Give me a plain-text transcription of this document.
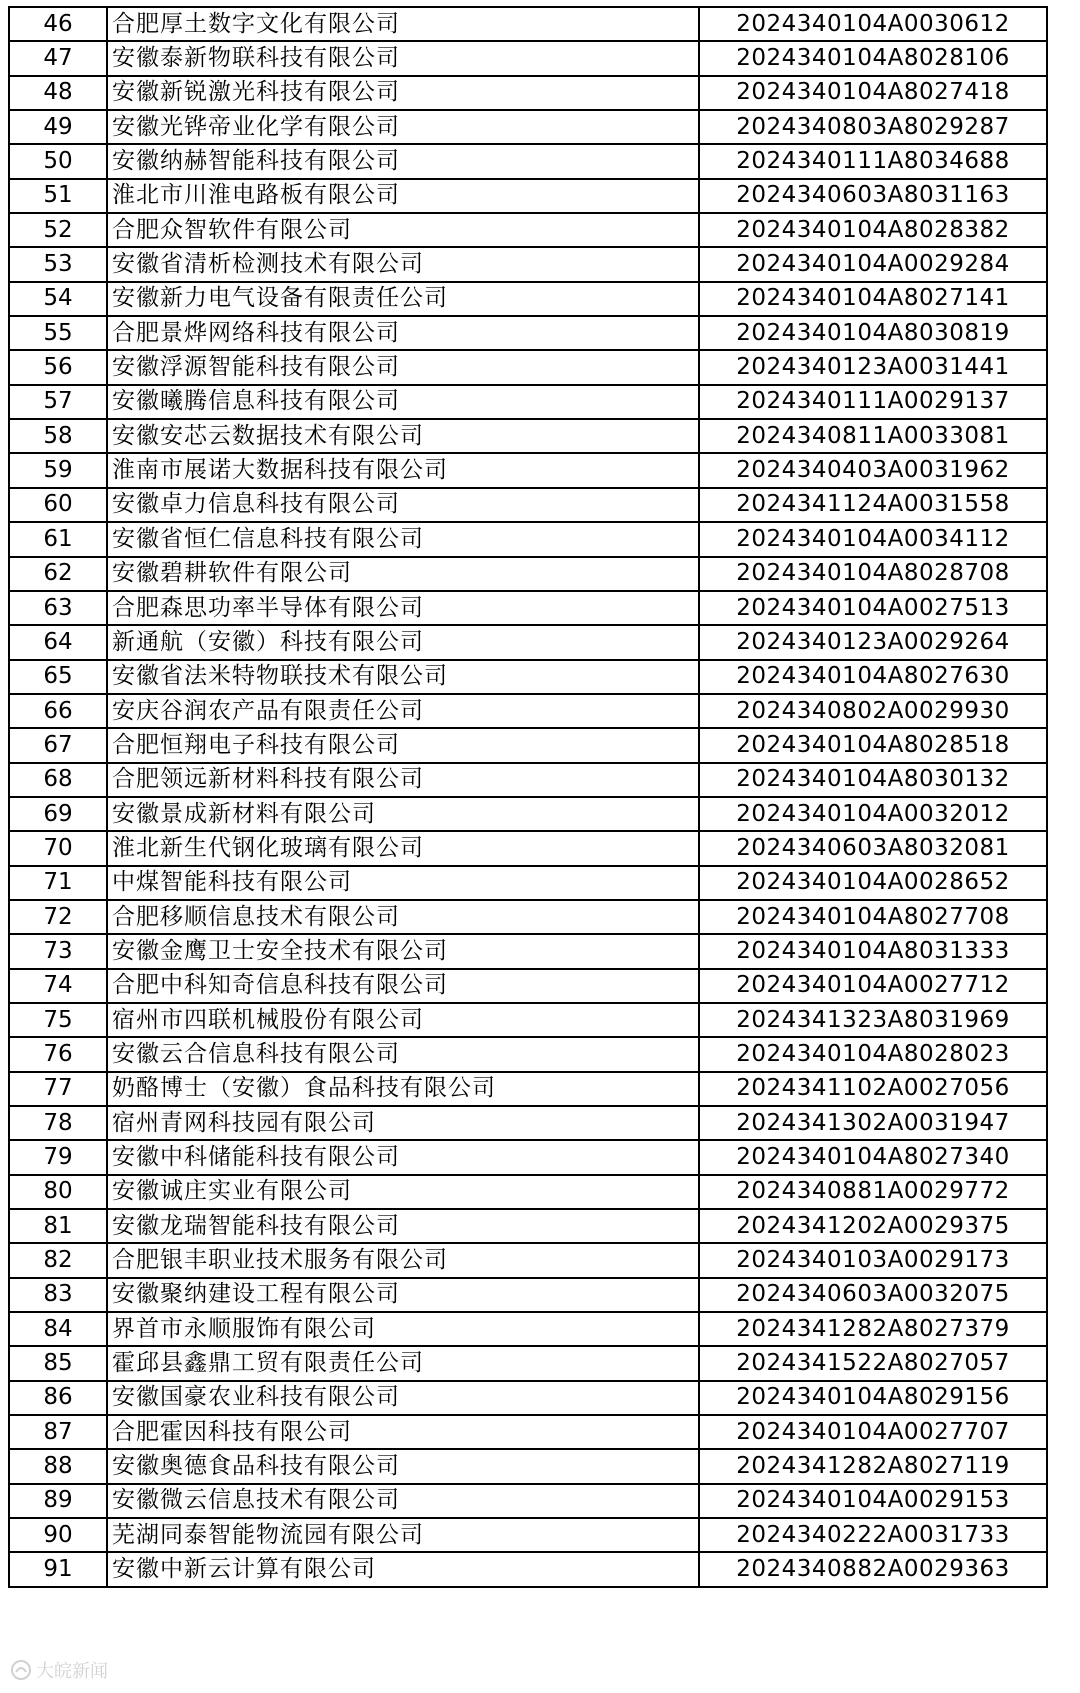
46	合肥厚土数字文化有限公司	2024340104A0030612
47	安徽泰新物联科技有限公司	2024340104A8028106
48	安徽新锐激光科技有限公司	2024340104A8027418
49	安徽光铧帝业化学有限公司	2024340803A8029287
50	安徽纳赫智能科技有限公司	2024340111A8034688
51	淮北市川淮电路板有限公司	2024340603A8031163
52	合肥众智软件有限公司	2024340104A8028382
53	安徽省清析检测技术有限公司	2024340104A0029284
54	安徽新力电气设备有限责任公司	2024340104A8027141
55	合肥景烨网络科技有限公司	2024340104A8030819
56	安徽浮源智能科技有限公司	2024340123A0031441
57	安徽曦腾信息科技有限公司	2024340111A0029137
58	安徽安芯云数据技术有限公司	2024340811A0033081
59	淮南市展诺大数据科技有限公司	2024340403A0031962
60	安徽卓力信息科技有限公司	2024341124A0031558
61	安徽省恒仁信息科技有限公司	2024340104A0034112
62	安徽碧耕软件有限公司	2024340104A8028708
63	合肥森思功率半导体有限公司	2024340104A0027513
64	新通航（安徽）科技有限公司	2024340123A0029264
65	安徽省法米特物联技术有限公司	2024340104A8027630
66	安庆谷润农产品有限责任公司	2024340802A0029930
67	合肥恒翔电子科技有限公司	2024340104A8028518
68	合肥领远新材料科技有限公司	2024340104A8030132
69	安徽景成新材料有限公司	2024340104A0032012
70	淮北新生代钢化玻璃有限公司	2024340603A8032081
71	中煤智能科技有限公司	2024340104A0028652
72	合肥移顺信息技术有限公司	2024340104A8027708
73	安徽金鹰卫士安全技术有限公司	2024340104A8031333
74	合肥中科知奇信息科技有限公司	2024340104A0027712
75	宿州市四联机械股份有限公司	2024341323A8031969
76	安徽云合信息科技有限公司	2024340104A8028023
77	奶酪博士（安徽）食品科技有限公司	2024341102A0027056
78	宿州青网科技园有限公司	2024341302A0031947
79	安徽中科储能科技有限公司	2024340104A8027340
80	安徽诚庄实业有限公司	2024340881A0029772
81	安徽龙瑞智能科技有限公司	2024341202A0029375
82	合肥银丰职业技术服务有限公司	2024340103A0029173
83	安徽聚纳建设工程有限公司	2024340603A0032075
84	界首市永顺服饰有限公司	2024341282A8027379
85	霍邱县鑫鼎工贸有限责任公司	2024341522A8027057
86	安徽国豪农业科技有限公司	2024340104A8029156
87	合肥霍因科技有限公司	2024340104A0027707
88	安徽奥德食品科技有限公司	2024341282A8027119
89	安徽微云信息技术有限公司	2024340104A0029153
90	芜湖同泰智能物流园有限公司	2024340222A0031733
91	安徽中新云计算有限公司	2024340882A0029363
大皖新闻
